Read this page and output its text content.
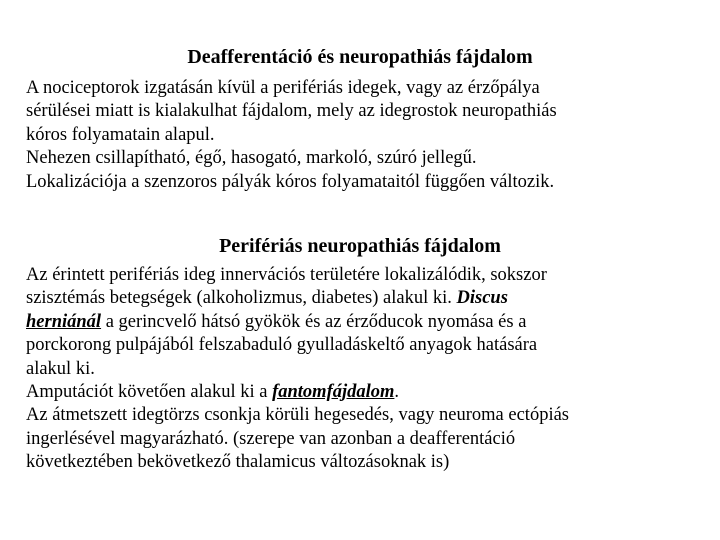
Deafferentáció és neuropathiás fájdalom
A nociceptorok izgatásán kívül a perifériás idegek, vagy az érzőpálya
sérülései miatt is kialakulhat fájdalom, mely az idegrostok neuropathiás
kóros folyamatain alapul.
Nehezen csillapítható, égő, hasogató, markoló, szúró jellegű.
Lokalizációja a szenzoros pályák kóros folyamataitól függően változik.
Perifériás neuropathiás fájdalom
Az érintett perifériás ideg innervációs területére lokalizálódik, sokszor
szisztémás betegségek (alkoholizmus, diabetes) alakul ki. Discus
herniánál a gerincvelő hátsó gyökök és az érződucok nyomása és a
porckorong pulpájából felszabaduló gyulladáskeltő anyagok hatására
alakul ki.
Amputációt követően alakul ki a fantomfájdalom.
Az átmetszett idegtörzs csonkja körüli hegesedés, vagy neuroma ectópiás
ingerlésével magyarázható. (szerepe van azonban a deafferentáció
következtében bekövetkező thalamicus változásoknak is)
